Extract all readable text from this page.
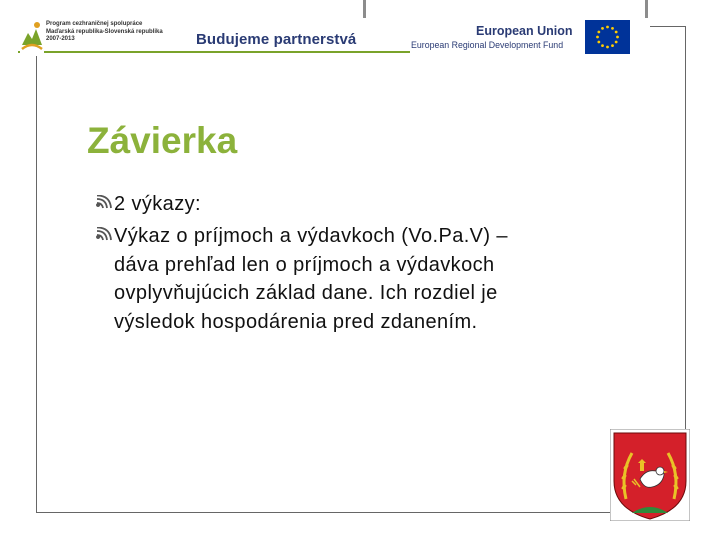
Program cezhraničnej spolupráce
Maďarská republika-Slovenská republika
2007-2013	Budujeme partnerstvá	European Union
European Regional Development Fund
Závierka
2 výkazy:
Výkaz o príjmoch a výdavkoch (Vo.Pa.V) –
dáva prehľad len o príjmoch a výdavkoch
ovplyvňujúcich základ dane. Ich rozdiel je
výsledok hospodárenia pred zdanením.
